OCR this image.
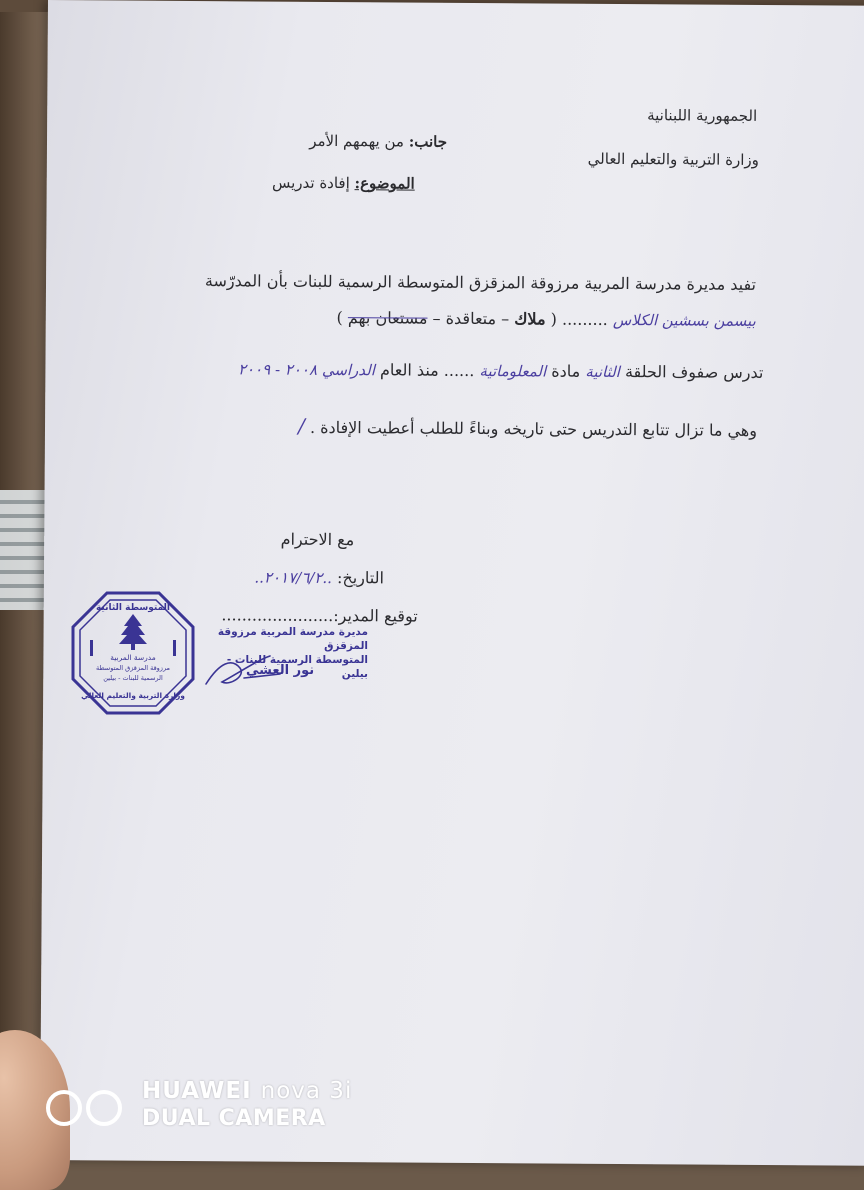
الجمهورية اللبنانية
وزارة التربية والتعليم العالي
جانب: من يهمهم الأمر
الموضوع: إفادة تدريس
تفيد مديرة مدرسة المربية مرزوقة المزقزق المتوسطة الرسمية للبنات بأن المدرّسة
بيسمن بسشين الكلاس ......... ( ملاك – متعاقدة – مستعان بهم )
تدرس صفوف الحلقة الثانية مادة المعلوماتية ...... منذ العام الدراسي ٢٠٠٨ - ٢٠٠٩
وهي ما تزال تتابع التدريس حتى تاريخه وبناءً للطلب أعطيت الإفادة . /
مع الاحترام
التاريخ: ..٢٠١٧/٦/٢..
توقيع المدير:......................
المتوسطة الثانية
مدرسة المربية
مرزوقة المزقزق المتوسطة
الرسمية للبنات - بيلين
وزارة التربية والتعليم العالي
مديرة مدرسة المربية مرزوقة المزقزق
المتوسطة الرسمية للبنات - بيلين
نور العشي
HUAWEI nova 3i
DUAL CAMERA
